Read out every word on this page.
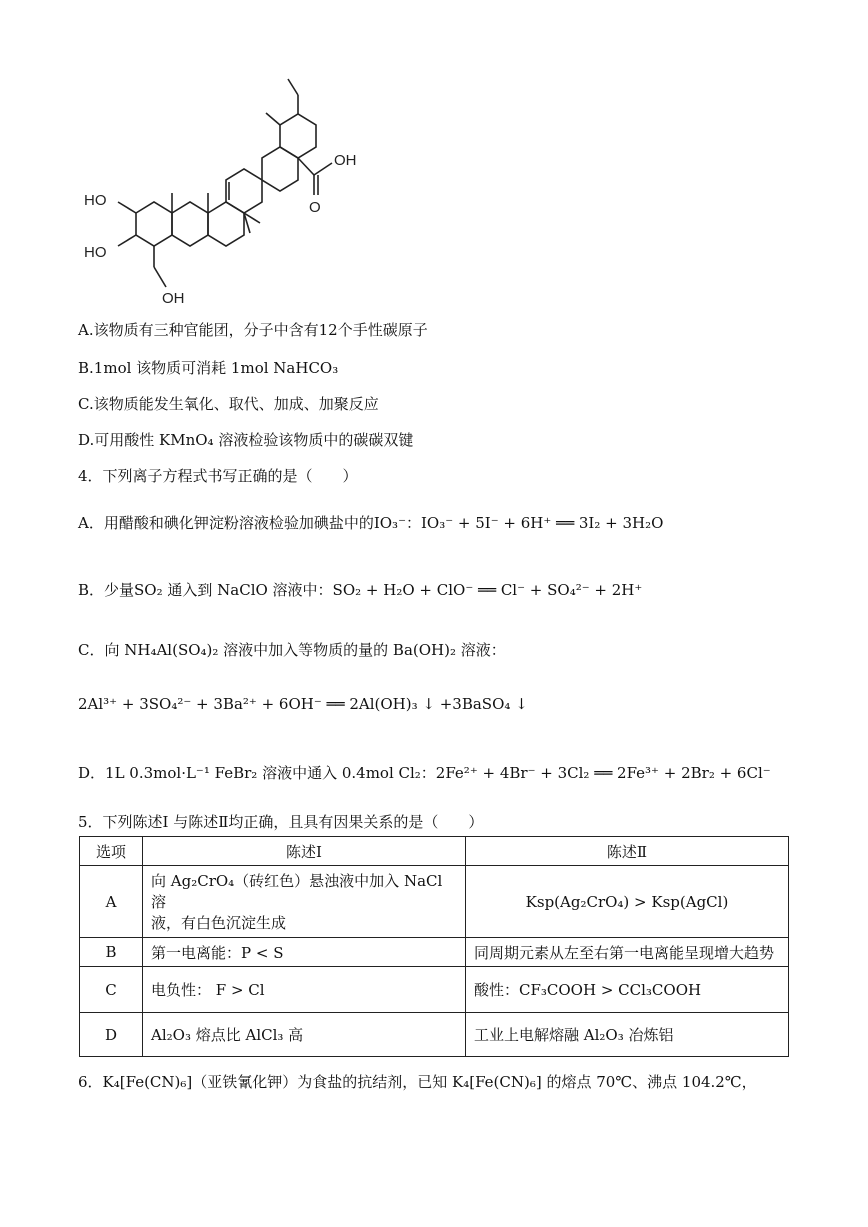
OH
O
HO
HO
OH
A.该物质有三种官能团，分子中含有12个手性碳原子
B.1mol 该物质可消耗 1mol NaHCO₃
C.该物质能发生氧化、取代、加成、加聚反应
D.可用酸性 KMnO₄ 溶液检验该物质中的碳碳双键
4．下列离子方程式书写正确的是（　　）
A．用醋酸和碘化钾淀粉溶液检验加碘盐中的IO₃⁻：IO₃⁻ + 5I⁻ + 6H⁺ ══ 3I₂ + 3H₂O
B．少量SO₂ 通入到 NaClO 溶液中：SO₂ + H₂O + ClO⁻ ══ Cl⁻ + SO₄²⁻ + 2H⁺
C．向 NH₄Al(SO₄)₂ 溶液中加入等物质的量的 Ba(OH)₂ 溶液：
2Al³⁺ + 3SO₄²⁻ + 3Ba²⁺ + 6OH⁻ ══ 2Al(OH)₃ ↓ +3BaSO₄ ↓
D．1L 0.3mol·L⁻¹ FeBr₂ 溶液中通入 0.4mol Cl₂：2Fe²⁺ + 4Br⁻ + 3Cl₂ ══ 2Fe³⁺ + 2Br₂ + 6Cl⁻
5．下列陈述Ⅰ 与陈述Ⅱ均正确，且具有因果关系的是（　　）
选项	陈述Ⅰ	陈述Ⅱ
A	向 Ag₂CrO₄（砖红色）悬浊液中加入 NaCl 溶
液，有白色沉淀生成	Ksp(Ag₂CrO₄) > Ksp(AgCl)
B	第一电离能：P < S	同周期元素从左至右第一电离能呈现增大趋势
C	电负性： F > Cl	酸性：CF₃COOH > CCl₃COOH
D	Al₂O₃ 熔点比 AlCl₃ 高	工业上电解熔融 Al₂O₃ 冶炼铝
6．K₄[Fe(CN)₆]（亚铁氰化钾）为食盐的抗结剂，已知 K₄[Fe(CN)₆] 的熔点 70℃、沸点 104.2℃，
